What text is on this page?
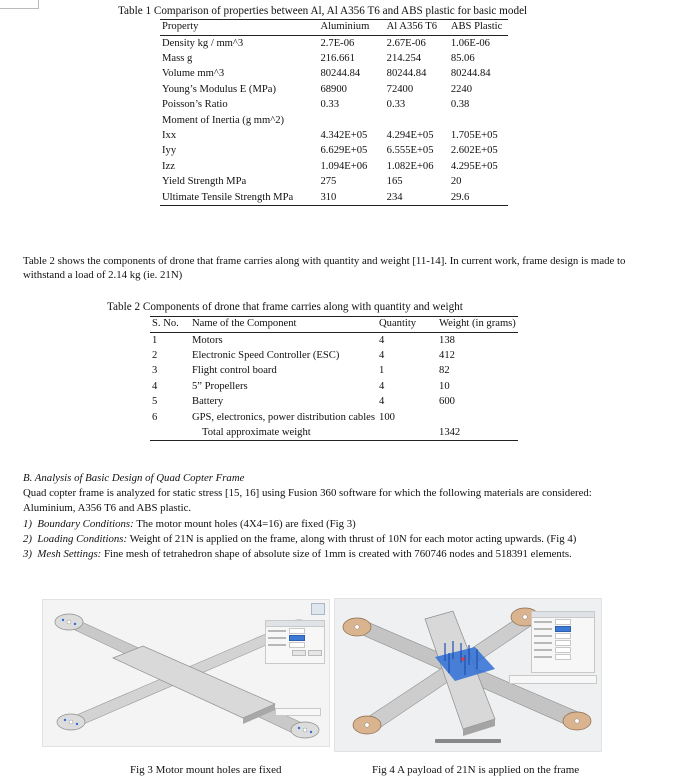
Table 1 Comparison of properties between Al, Al A356 T6 and ABS plastic for basic model
Property	Aluminium	Al A356 T6	ABS Plastic
Density kg / mm^3	2.7E-06	2.67E-06	1.06E-06
Mass g	216.661	214.254	85.06
Volume mm^3	80244.84	80244.84	80244.84
Young’s Modulus E (MPa)	68900	72400	2240
Poisson’s Ratio	0.33	0.33	0.38
Moment of Inertia (g mm^2)			
Ixx	4.342E+05	4.294E+05	1.705E+05
Iyy	6.629E+05	6.555E+05	2.602E+05
Izz	1.094E+06	1.082E+06	4.295E+05
Yield Strength MPa	275	165	20
Ultimate Tensile Strength MPa	310	234	29.6
Table 2 shows the components of drone that frame carries along with quantity and weight [11-14]. In current work, frame design is made to withstand a load of 2.14 kg (ie. 21N)
Table 2 Components of drone that frame carries along with quantity and weight
S. No.	Name of the Component	Quantity	Weight (in grams)
1	Motors	4	138
2	Electronic Speed Controller (ESC)	4	412
3	Flight control board	1	82
4	5” Propellers	4	10
5	Battery	4	600
6	GPS, electronics, power distribution cables	100	
	Total approximate weight		1342
B. Analysis of Basic Design of Quad Copter Frame
Quad copter frame is analyzed for static stress [15, 16] using Fusion 360 software for which the following materials are considered:
Aluminium, A356 T6 and ABS plastic.
1) Boundary Conditions: The motor mount holes (4X4=16) are fixed (Fig 3)
2) Loading Conditions: Weight of 21N is applied on the frame, along with thrust of 10N for each motor acting upwards. (Fig 4)
3) Mesh Settings: Fine mesh of tetrahedron shape of absolute size of 1mm is created with 760746 nodes and 518391 elements.
Fig 3 Motor mount holes are fixed	Fig 4 A payload of 21N is applied on the frame
